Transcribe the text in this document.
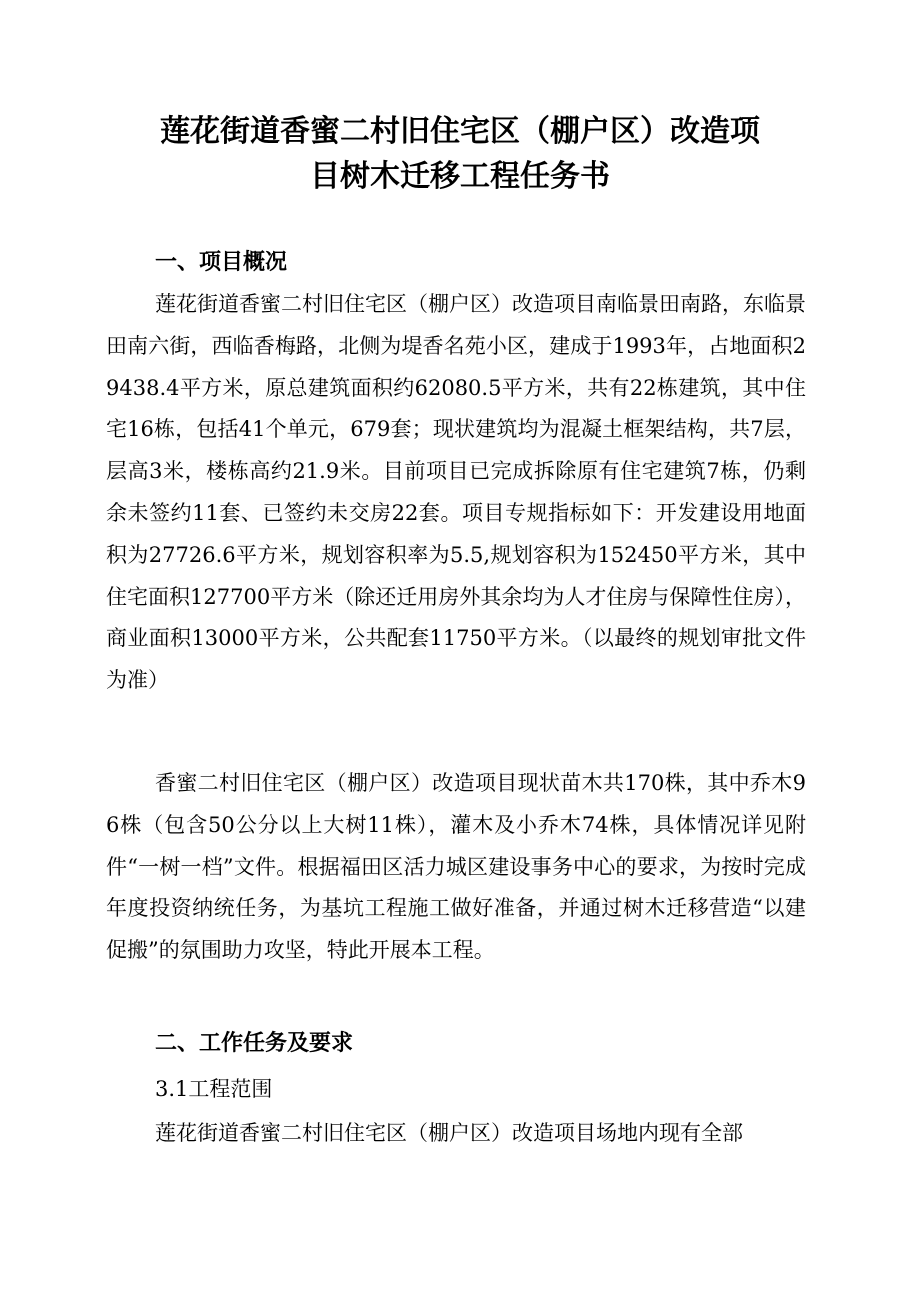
莲花街道香蜜二村旧住宅区（棚户区）改造项
目树木迁移工程任务书
一、项目概况

莲花街道香蜜二村旧住宅区（棚户区）改造项目南临景田南路，东临景田南六街，西临香梅路，北侧为堤香名苑小区，建成于1993年，占地面积29438.4平方米，原总建筑面积约62080.5平方米，共有22栋建筑，其中住宅16栋，包括41个单元，679套；现状建筑均为混凝土框架结构，共7层，层高3米，楼栋高约21.9米。目前项目已完成拆除原有住宅建筑7栋，仍剩余未签约11套、已签约未交房22套。项目专规指标如下：开发建设用地面积为27726.6平方米，规划容积率为5.5,规划容积为152450平方米，其中住宅面积127700平方米（除还迁用房外其余均为人才住房与保障性住房），商业面积13000平方米，公共配套11750平方米。（以最终的规划审批文件为准）

香蜜二村旧住宅区（棚户区）改造项目现状苗木共170株，其中乔木96株（包含50公分以上大树11株），灌木及小乔木74株，具体情况详见附件“一树一档”文件。根据福田区活力城区建设事务中心的要求，为按时完成年度投资纳统任务，为基坑工程施工做好准备，并通过树木迁移营造“以建促搬”的氛围助力攻坚，特此开展本工程。

二、工作任务及要求

3.1工程范围

莲花街道香蜜二村旧住宅区（棚户区）改造项目场地内现有全部
